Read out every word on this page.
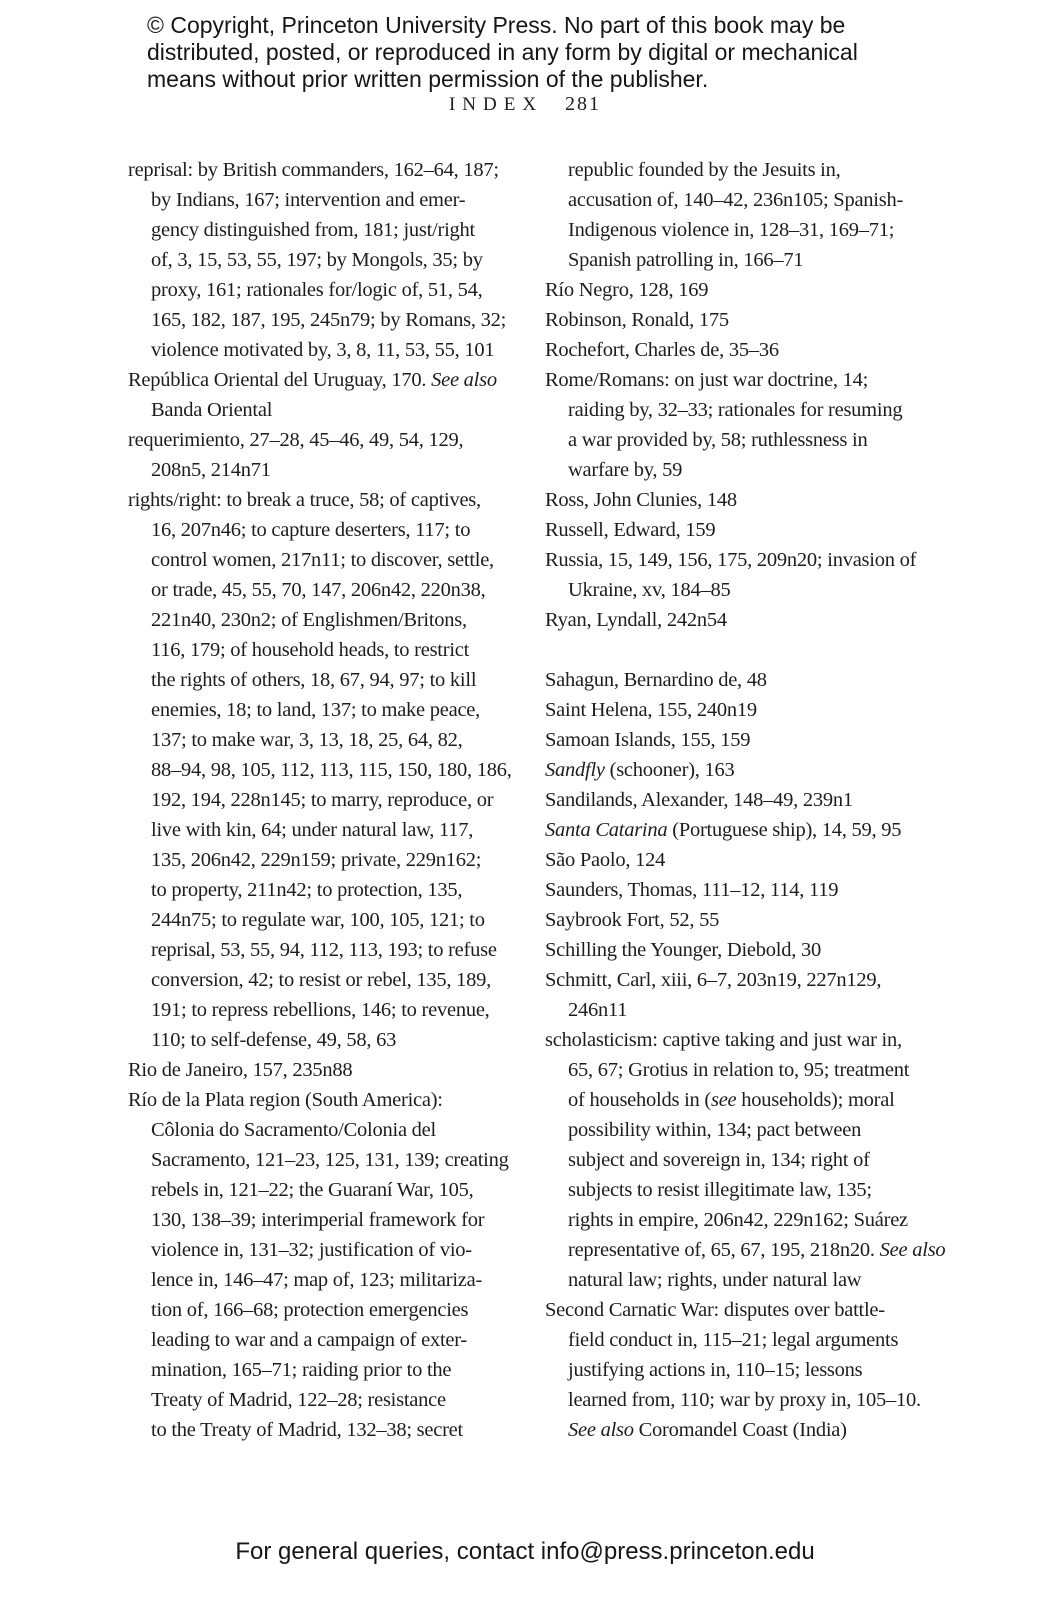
© Copyright, Princeton University Press. No part of this book may be
distributed, posted, or reproduced in any form by digital or mechanical
means without prior written permission of the publisher.
INDEX 281
reprisal: by British commanders, 162–64, 187;
by Indians, 167; intervention and emer-
gency distinguished from, 181; just/right
of, 3, 15, 53, 55, 197; by Mongols, 35; by
proxy, 161; rationales for/logic of, 51, 54,
165, 182, 187, 195, 245n79; by Romans, 32;
violence motivated by, 3, 8, 11, 53, 55, 101
República Oriental del Uruguay, 170. See also
Banda Oriental
requerimiento, 27–28, 45–46, 49, 54, 129,
208n5, 214n71
rights/right: to break a truce, 58; of captives,
16, 207n46; to capture deserters, 117; to
control women, 217n11; to discover, settle,
or trade, 45, 55, 70, 147, 206n42, 220n38,
221n40, 230n2; of Englishmen/Britons,
116, 179; of household heads, to restrict
the rights of others, 18, 67, 94, 97; to kill
enemies, 18; to land, 137; to make peace,
137; to make war, 3, 13, 18, 25, 64, 82,
88–94, 98, 105, 112, 113, 115, 150, 180, 186,
192, 194, 228n145; to marry, reproduce, or
live with kin, 64; under natural law, 117,
135, 206n42, 229n159; private, 229n162;
to property, 211n42; to protection, 135,
244n75; to regulate war, 100, 105, 121; to
reprisal, 53, 55, 94, 112, 113, 193; to refuse
conversion, 42; to resist or rebel, 135, 189,
191; to repress rebellions, 146; to revenue,
110; to self-defense, 49, 58, 63
Rio de Janeiro, 157, 235n88
Río de la Plata region (South America):
Côlonia do Sacramento/Colonia del
Sacramento, 121–23, 125, 131, 139; creating
rebels in, 121–22; the Guaraní War, 105,
130, 138–39; interimperial framework for
violence in, 131–32; justification of vio-
lence in, 146–47; map of, 123; militariza-
tion of, 166–68; protection emergencies
leading to war and a campaign of exter-
mination, 165–71; raiding prior to the
Treaty of Madrid, 122–28; resistance
to the Treaty of Madrid, 132–38; secret
republic founded by the Jesuits in,
accusation of, 140–42, 236n105; Spanish-
Indigenous violence in, 128–31, 169–71;
Spanish patrolling in, 166–71
Río Negro, 128, 169
Robinson, Ronald, 175
Rochefort, Charles de, 35–36
Rome/Romans: on just war doctrine, 14;
raiding by, 32–33; rationales for resuming
a war provided by, 58; ruthlessness in
warfare by, 59
Ross, John Clunies, 148
Russell, Edward, 159
Russia, 15, 149, 156, 175, 209n20; invasion of
Ukraine, xv, 184–85
Ryan, Lyndall, 242n54
Sahagun, Bernardino de, 48
Saint Helena, 155, 240n19
Samoan Islands, 155, 159
Sandfly (schooner), 163
Sandilands, Alexander, 148–49, 239n1
Santa Catarina (Portuguese ship), 14, 59, 95
São Paolo, 124
Saunders, Thomas, 111–12, 114, 119
Saybrook Fort, 52, 55
Schilling the Younger, Diebold, 30
Schmitt, Carl, xiii, 6–7, 203n19, 227n129,
246n11
scholasticism: captive taking and just war in,
65, 67; Grotius in relation to, 95; treatment
of households in (see households); moral
possibility within, 134; pact between
subject and sovereign in, 134; right of
subjects to resist illegitimate law, 135;
rights in empire, 206n42, 229n162; Suárez
representative of, 65, 67, 195, 218n20. See also
natural law; rights, under natural law
Second Carnatic War: disputes over battle-
field conduct in, 115–21; legal arguments
justifying actions in, 110–15; lessons
learned from, 110; war by proxy in, 105–10.
See also Coromandel Coast (India)
For general queries, contact info@press.princeton.edu
